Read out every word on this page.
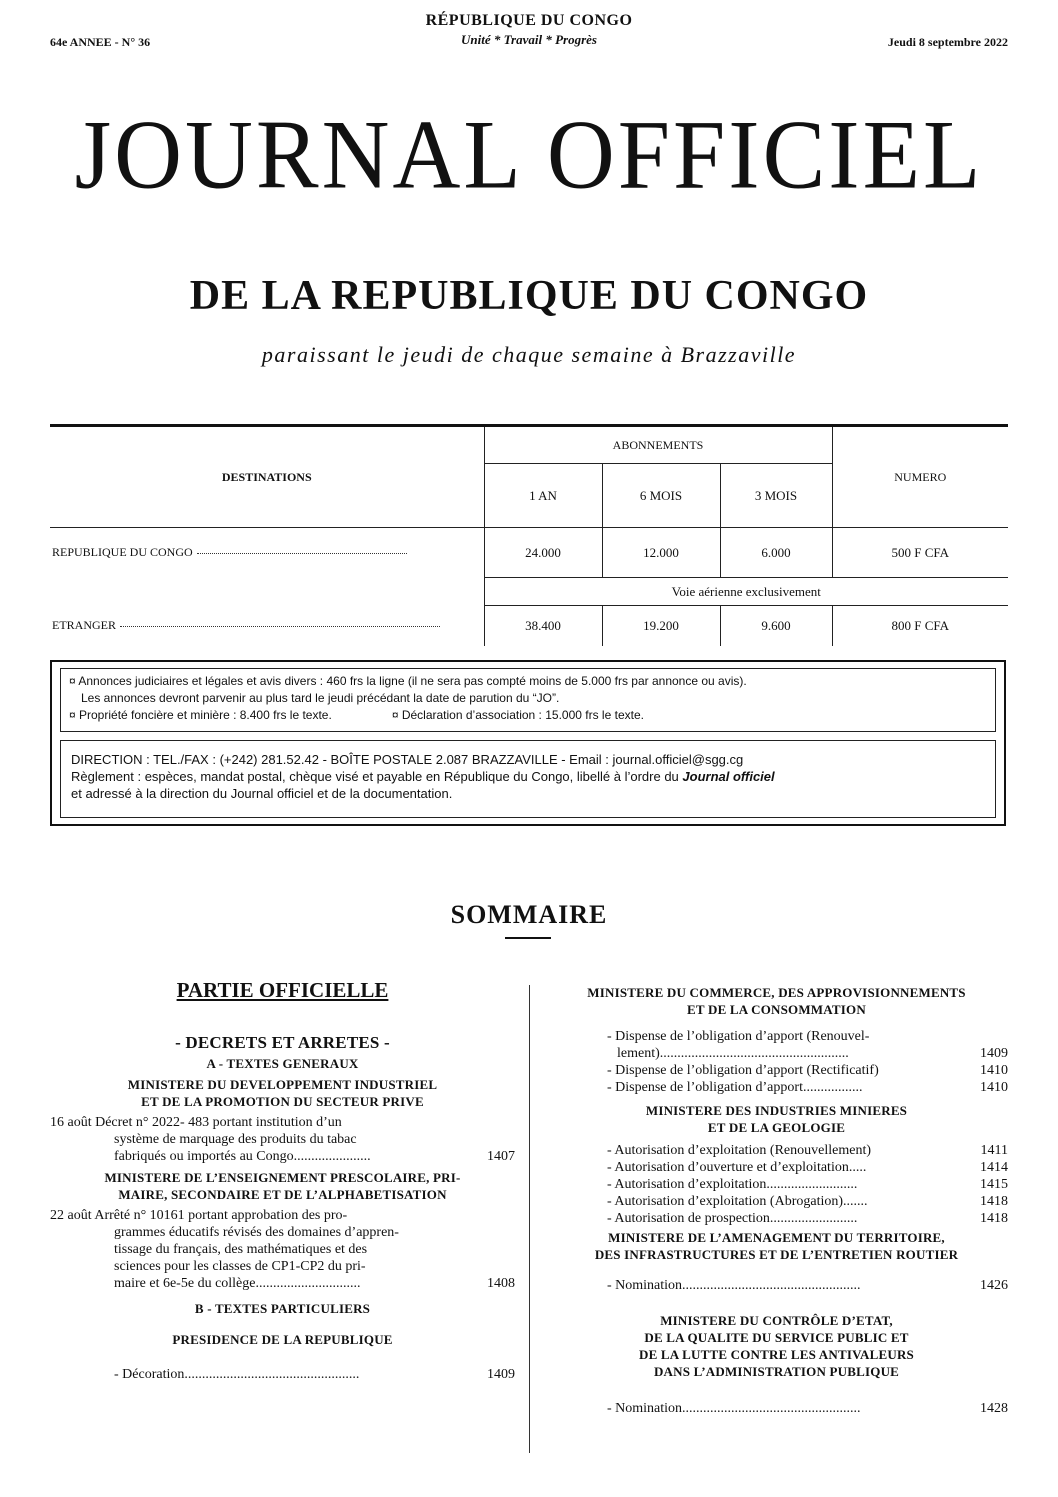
64e ANNEE - N° 36
RÉPUBLIQUE DU CONGO
Unité * Travail * Progrès	Jeudi 8 septembre 2022
JOURNAL OFFICIEL
DE LA REPUBLIQUE DU CONGO
paraissant le jeudi de chaque semaine à Brazzaville
DESTINATIONS	ABONNEMENTS			NUMERO
	1 AN	6 MOIS	3 MOIS	
REPUBLIQUE DU CONGO	24.000	12.000	6.000	500 F CFA
	Voie aérienne exclusivement			
ETRANGER	38.400	19.200	9.600	800 F CFA
¤ Annonces judiciaires et légales et avis divers : 460 frs la ligne (il ne sera pas compté moins de 5.000 frs par annonce ou avis).
Les annonces devront parvenir au plus tard le jeudi précédant la date de parution du “JO”.
¤ Propriété foncière et minière : 8.400 frs le texte.	¤ Déclaration d’association : 15.000 frs le texte.
DIRECTION : TEL./FAX : (+242) 281.52.42 - BOÎTE POSTALE 2.087 BRAZZAVILLE - Email : journal.officiel@sgg.cg
Règlement : espèces, mandat postal, chèque visé et payable en République du Congo, libellé à l’ordre du Journal officiel
et adressé à la direction du Journal officiel et de la documentation.
SOMMAIRE
PARTIE OFFICIELLE
- DECRETS ET ARRETES -
A - TEXTES GENERAUX
MINISTERE DU DEVELOPPEMENT INDUSTRIEL
ET DE LA PROMOTION DU SECTEUR PRIVE
16 août Décret n° 2022- 483 portant institution d’un
système de marquage des produits du tabac
fabriqués ou importés au Congo......................	1407
MINISTERE DE L’ENSEIGNEMENT PRESCOLAIRE, PRI-
MAIRE, SECONDAIRE ET DE L’ALPHABETISATION
22 août Arrêté n° 10161 portant approbation des pro-
grammes éducatifs révisés des domaines d’appren-
tissage du français, des mathématiques et des
sciences pour les classes de CP1-CP2 du pri-
maire et 6e-5e du collège..............................	1408
B - TEXTES PARTICULIERS
PRESIDENCE DE LA REPUBLIQUE
- Décoration..................................................	1409
MINISTERE DU COMMERCE, DES APPROVISIONNEMENTS
ET DE LA CONSOMMATION
- Dispense de l’obligation d’apport (Renouvel-
lement)......................................................	1409
- Dispense de l’obligation d’apport (Rectificatif)	1410
- Dispense de l’obligation d’apport.................	1410
MINISTERE DES INDUSTRIES MINIERES
ET DE LA GEOLOGIE
- Autorisation d’exploitation (Renouvellement)	1411
- Autorisation d’ouverture et d’exploitation.....	1414
- Autorisation d’exploitation..........................	1415
- Autorisation d’exploitation (Abrogation).......	1418
- Autorisation de prospection.........................	1418
MINISTERE DE L’AMENAGEMENT DU TERRITOIRE,
DES INFRASTRUCTURES ET DE L’ENTRETIEN ROUTIER
- Nomination...................................................	1426
MINISTERE DU CONTRÔLE D’ETAT,
DE LA QUALITE DU SERVICE PUBLIC ET
DE LA LUTTE CONTRE LES ANTIVALEURS
DANS L’ADMINISTRATION PUBLIQUE
- Nomination...................................................	1428
